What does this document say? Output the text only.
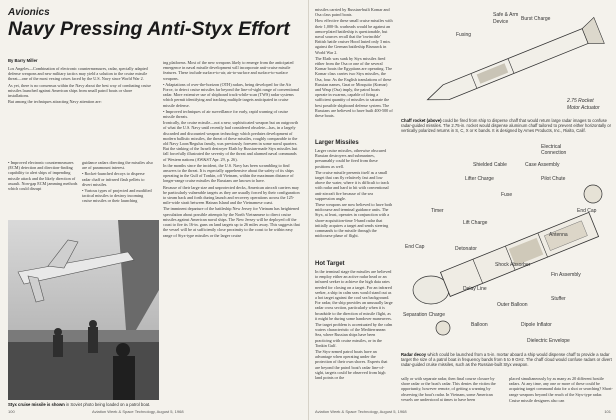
Avionics
Navy Pressing Anti-Styx Effort
By Barry Miller

Los Angeles—Combination of electronic countermeasures, radar, specially adapted defense weapons and new military tactics may yield a solution to the cruise missile threat—one of the most vexing crises faced by the U.S. Navy since World War 2.

As yet, there is no consensus within the Navy about the best way of combating cruise missiles launched against American ships from small patrol boats or shore installations.

But among the techniques attracting Navy attention are:

• Improved electronic countermeasures (ECM) detection and direction-finding capability to alert ships of impending missile attack and the likely direction of assault. Non-gap ECM jamming methods which could disrupt

guidance radars directing the missiles also are of paramount interest.

• Rocket-launched decoys to disperse radar chaff or infrared flash pellets to divert missiles.

• Various types of projected and modified tactical missiles to destroy incoming cruise missiles or their launching

ing platforms. Most of the new weapons likely to emerge from the anticipated emergence in naval missile development will incorporate anti-cruise missile features. These include surface-to-air, air-to-surface and surface-to-surface weapons.

• Adaptations of over-the-horizon (OTH) radars, being developed for the Air Force, to detect cruise missiles far beyond the line-of-sight range of conventional radar. More extensive use of shipboard track-while-scan (TWS) radar systems which permit identifying and tracking multiple targets anticipated in cruise missile defense.

• Improved techniques of air surveillance for early, rapid warning of cruise missile threats.

Ironically, the cruise missile—not a new, sophisticated weapon but an outgrowth of what the U.S. Navy until recently had considered obsolete—has, in a largely discarded and discounted weapon technology which predates development of modern ballistic missiles, the threat of these missiles, roughly comparable to the old Navy Loon/Regulus family, was previously foreseen in some naval quarters. But the sinking of the Israeli destroyer Elath by Russian-made Styx missiles last fall forcefully illustrated the severity of the threat and alarmed naval commands of Western nations (AW&ST Apr. 29, p. 26).

In the months since the incident, the U.S. Navy has been scrambling to find answers to the threat. It is especially apprehensive about the safety of its ships operating in the Gulf of Tonkin, off Vietnam, within the maximum distance of longer-range cruise missiles the Russians are known to have.

Because of their large size and unprotected decks, American aircraft carriers may be particularly vulnerable targets as they are usually forced by their configuration to steam back and forth during launch and recovery operations across the 125-mile-wide strait between Hainan Island and the Vietnamese coast.

The imminent departure of the battleship New Jersey for Vietnam has heightened speculation about possible attempts by the North Vietnamese to direct cruise missiles against American naval ships. The New Jersey will be deployed off the coast to fire its 16-in. guns on land targets up to 26 miles away. This suggests that the vessel will be at sufficiently close proximity to the coast to be within easy range of Styx-type missiles or the larger cruise

Styx cruise missile is shown in Soviet photo being loaded on a patrol boat.
100	Aviation Week & Space Technology, August 5, 1968

missiles carried by Russian-built Komar and Osa class patrol boats.

How effective these small cruise missiles with their 1,000-lb. warheads would be against an armor-plated battleship is questionable, but naval sources recall that the 'invincible' British battle cruiser Hood lasted only 3 min. against the German battleship Bismarck in World War 2.

The Elath was sunk by Styx missiles fired either from the Osa or one of the several Komar boats the Egyptians are operating. The Komar class carries two Styx missiles, the Osa, four. As the English translations of these Russian names, Gnat or Mosquito (Komar) and Wasp (Osa) imply, the patrol boats operate in swarms, capable of firing a sufficient quantity of missiles to saturate the best possible shipboard defense system. The Russians are believed to have built 400-500 of these boats.

Larger Missiles

Larger cruise missiles, otherwise obscured Russian destroyers and submarines, presumably could be fired from these positions as well.

The cruise missile presents itself as a small target that can fly relatively fast and low above the water, where it is difficult to track with radar and hard to hit with conventional anti-aircraft fire because of the sea suppression angle.

These weapons are now believed to have both midcourse and terminal guidance units. The Styx, at least, operates in conjunction with a shore-acquisition-time 5-band radar that initially acquires a target and sends steering commands to the missile through the midcourse phase of flight.

Hot Target

In the terminal stage the missiles are believed to employ either an active radar head or an infrared seeker to achieve the high data rates needed for closing on a target. For an infrared seeker, a ship in calm seas would stand out as a hot target against the cool sea background. For radar, the ship provides an unusually large radar cross section, particularly when it is broadside to the direction of missile flight, as it might be during some handover maneuvers.

The target problem is accentuated by the calm waters characteristic of the Mediterranean Sea, where Russian ships have been practicing with cruise missiles, or in the Tonkin Gulf.

The Styx-armed patrol boats have an advantage when operating under the protection of their own shores. Experts that are beyond the patrol boat's radar line-of-sight, targets could be observed from high land points or the

Safe & Arm
Device	Burst Charge
Fusing
2.75 Rocket
Motor Actuator
Chaff rocket (above) could be fired from ship to disperse chaff that would return large radar images to confuse radar-guided missiles. The 2.75-in. rocket would dispense aluminum chaff tailored to prevent either horizontally or vertically polarized returns in S, C, X or K bands. It is designed by Ames Products, Inc., Rialto, Calif.
Electrical
Connection
Shielded Cable	Case Assembly
Lifter Charge	Pilot Chute
Fuse
End Cap
Timer
Lift Charge
Antenna
End Cap	Detonator
Shock Absorber
Fin Assembly
Delay Line
Outer Balloon
Stuffer
Separation Charge
Balloon	Dipole Inflator
Dielectric Envelope
Radar decoy which could be launched from a 5-in. mortar aboard a ship would dispense chaff to provide a radar target the size of a patrol boat in frequency bands from 5 to 9 GHz. The chaff cloud would confuse radars or divert radar-guided cruise missiles, such as the Russian-built Styx weapon.

sally or with separate radar, then final course closure by shore radar or the boat's radar. This denies the victim the opportunity, however remote, of getting a warning by observing the boat's radar. In Vietnam, some American vessels are understood at times to have been

placed simultaneously by as many as 20 different hostile radars. At any time, any one or more of these could be acquiring target command data for a shot or searching? Short-range weapons beyond the reach of the Styx-type radar.

Cruise missile designers also can

Aviation Week & Space Technology, August 5, 1968	101
